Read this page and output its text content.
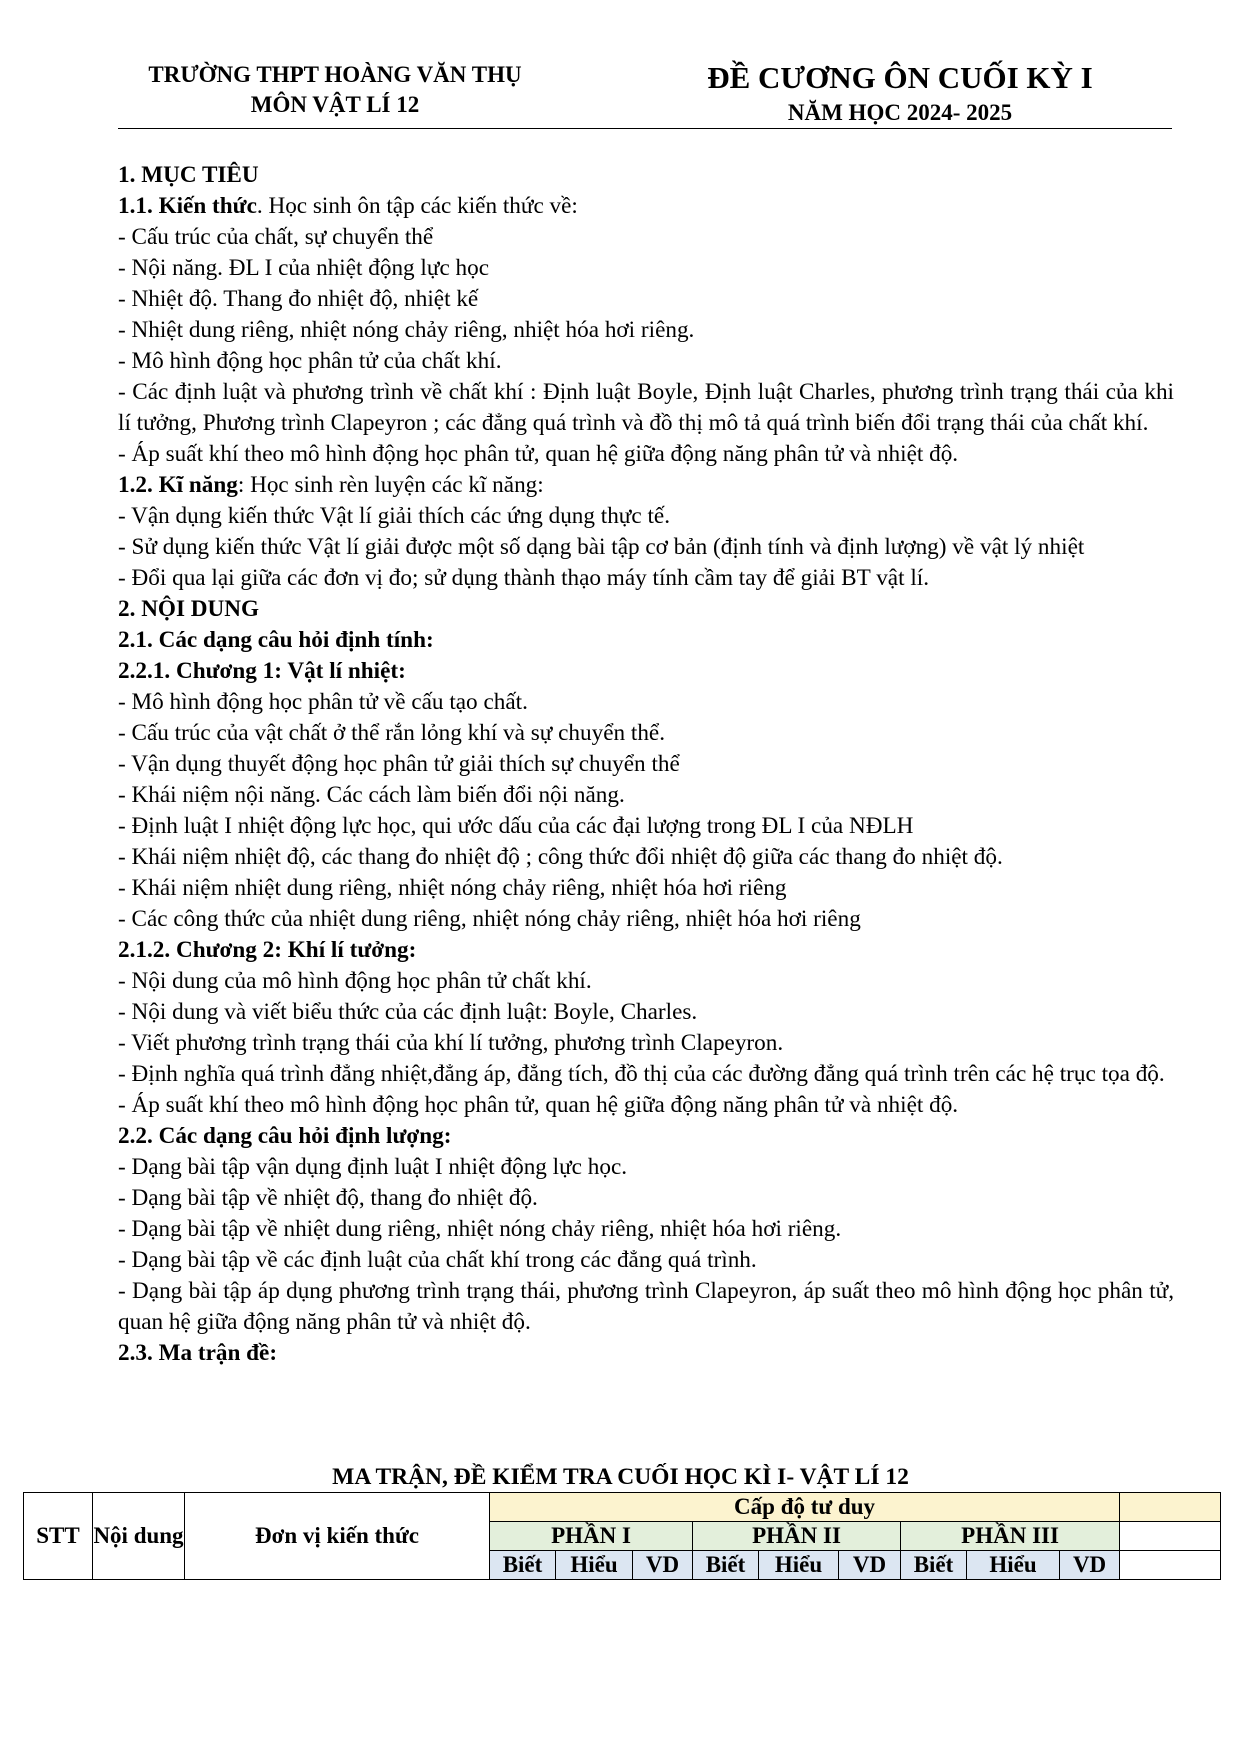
TRƯỜNG THPT HOÀNG VĂN THỤ
MÔN VẬT LÍ 12
ĐỀ CƯƠNG ÔN CUỐI KỲ I
NĂM HỌC 2024- 2025
1. MỤC TIÊU
1.1. Kiến thức. Học sinh ôn tập các kiến thức về:
- Cấu trúc của chất, sự chuyển thể
- Nội năng. ĐL I của nhiệt động lực học
- Nhiệt độ. Thang đo nhiệt độ, nhiệt kế
- Nhiệt dung riêng, nhiệt nóng chảy riêng, nhiệt hóa hơi riêng.
- Mô hình động học phân tử của chất khí.
- Các định luật và phương trình về chất khí : Định luật Boyle, Định luật Charles, phương trình trạng thái của khi lí tưởng, Phương trình Clapeyron ; các đẳng quá trình và đồ thị mô tả quá trình biến đổi trạng thái của chất khí.
- Áp suất khí theo mô hình động học phân tử, quan hệ giữa động năng phân tử và nhiệt độ.
1.2. Kĩ năng: Học sinh rèn luyện các kĩ năng:
- Vận dụng kiến thức Vật lí giải thích các ứng dụng thực tế.
- Sử dụng kiến thức Vật lí giải được một số dạng bài tập cơ bản (định tính và định lượng) về vật lý nhiệt
- Đổi qua lại giữa các đơn vị đo; sử dụng thành thạo máy tính cầm tay để giải BT vật lí.
2. NỘI DUNG
2.1. Các dạng câu hỏi định tính:
2.2.1. Chương 1: Vật lí nhiệt:
- Mô hình động học phân tử về cấu tạo chất.
- Cấu trúc của vật chất ở thể rắn lỏng khí và sự chuyển thể.
- Vận dụng thuyết động học phân tử giải thích sự chuyển thể
- Khái niệm nội năng. Các cách làm biến đổi nội năng.
- Định luật I nhiệt động lực học, qui ước dấu của các đại lượng trong ĐL I của NĐLH
- Khái niệm nhiệt độ, các thang đo nhiệt độ ; công thức đổi nhiệt độ giữa các thang đo nhiệt độ.
- Khái niệm nhiệt dung riêng, nhiệt nóng chảy riêng, nhiệt hóa hơi riêng
- Các công thức của nhiệt dung riêng, nhiệt nóng chảy riêng, nhiệt hóa hơi riêng
2.1.2. Chương 2: Khí lí tưởng:
- Nội dung của mô hình động học phân tử chất khí.
- Nội dung và viết biểu thức của các định luật: Boyle, Charles.
- Viết phương trình trạng thái của khí lí tưởng, phương trình Clapeyron.
- Định nghĩa quá trình đẳng nhiệt,đẳng áp, đẳng tích, đồ thị của các đường đẳng quá trình trên các hệ trục tọa độ.
- Áp suất khí theo mô hình động học phân tử, quan hệ giữa động năng phân tử và nhiệt độ.
2.2. Các dạng câu hỏi định lượng:
- Dạng bài tập vận dụng định luật I nhiệt động lực học.
- Dạng bài tập về nhiệt độ, thang đo nhiệt độ.
- Dạng bài tập về nhiệt dung riêng, nhiệt nóng chảy riêng, nhiệt hóa hơi riêng.
- Dạng bài tập về các định luật của chất khí trong các đẳng quá trình.
- Dạng bài tập áp dụng phương trình trạng thái, phương trình Clapeyron, áp suất theo mô hình động học phân tử, quan hệ giữa động năng phân tử và nhiệt độ.
2.3. Ma trận đề:
MA TRẬN, ĐỀ KIỂM TRA CUỐI HỌC KÌ I- VẬT LÍ 12
STT	Nội dung	Đơn vị kiến thức	Cấp độ tư duy									
			PHẦN I			PHẦN II			PHẦN III			
			Biết	Hiểu	VD	Biết	Hiểu	VD	Biết	Hiểu	VD	
